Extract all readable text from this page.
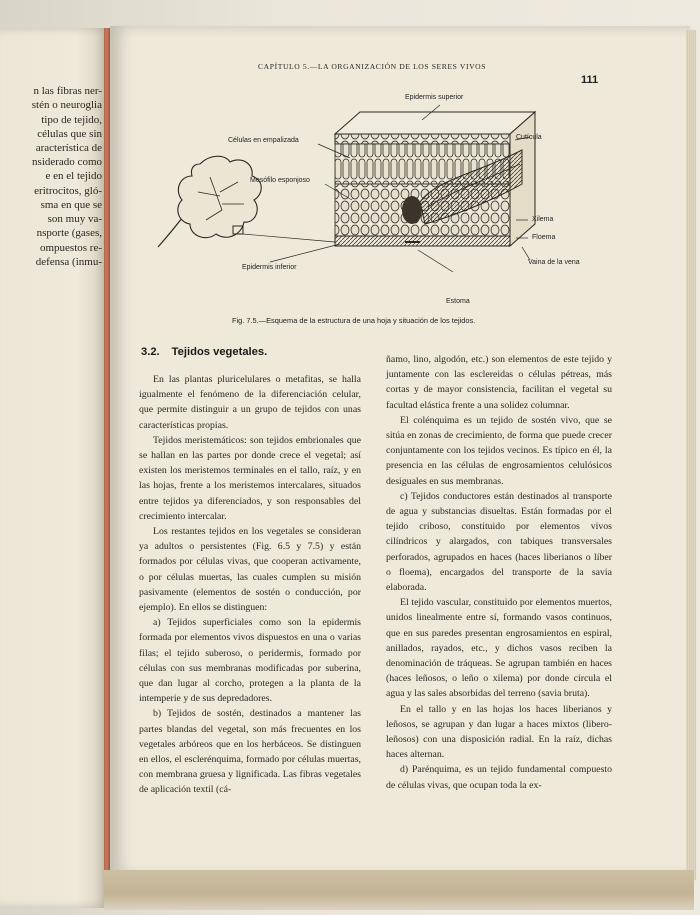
n las fibras ner-
stén o neuroglia
tipo de tejido,
células que sin
aracterística de
nsiderado como
e en el tejido
eritrocitos, gló-
sma en que se
son muy va-
nsporte (gases,
ompuestos re-
defensa (inmu-
CAPÍTULO 5.—LA ORGANIZACIÓN DE LOS SERES VIVOS
111
Epidermis superior
Células en empalizada
Mesófilo esponjoso
Epidermis inferior
Cutícula
Xilema
Floema
Vaina de la vena
Estoma
Fig. 7.5.—Esquema de la estructura de una hoja y situación de los tejidos.
3.2. Tejidos vegetales.

En las plantas pluricelulares o metafitas, se halla igualmente el fenómeno de la diferenciación celular, que permite distinguir a un grupo de tejidos con unas características propias.

Tejidos meristemáticos: son tejidos embrionales que se hallan en las partes por donde crece el vegetal; así existen los meristemos terminales en el tallo, raíz, y en las hojas, frente a los meristemos intercalares, situados entre tejidos ya diferenciados, y son responsables del crecimiento intercalar.

Los restantes tejidos en los vegetales se consideran ya adultos o persistentes (Fig. 6.5 y 7.5) y están formados por células vivas, que cooperan activamente, o por células muertas, las cuales cumplen su misión pasivamente (elementos de sostén o conducción, por ejemplo). En ellos se distinguen:

a) Tejidos superficiales como son la epidermis formada por elementos vivos dispuestos en una o varias filas; el tejido suberoso, o peridermis, formado por células con sus membranas modificadas por suberina, que dan lugar al corcho, protegen a la planta de la intemperie y de sus depredadores.

b) Tejidos de sostén, destinados a mantener las partes blandas del vegetal, son más frecuentes en los vegetales arbóreos que en los herbáceos. Se distinguen en ellos, el esclerénquima, formado por células muertas, con membrana gruesa y lignificada. Las fibras vegetales de aplicación textil (cá-

ñamo, lino, algodón, etc.) son elementos de este tejido y juntamente con las esclereidas o células pétreas, más cortas y de mayor consistencia, facilitan el vegetal su facultad elástica frente a una solidez columnar.

El colénquima es un tejido de sostén vivo, que se sitúa en zonas de crecimiento, de forma que puede crecer conjuntamente con los tejidos vecinos. Es típico en él, la presencia en las células de engrosamientos celulósicos desiguales en sus membranas.

c) Tejidos conductores están destinados al transporte de agua y substancias disueltas. Están formadas por el tejido criboso, constituido por elementos vivos cilíndricos y alargados, con tabiques transversales perforados, agrupados en haces (haces liberianos o líber o floema), encargados del transporte de la savia elaborada.

El tejido vascular, constituido por elementos muertos, unidos linealmente entre sí, formando vasos continuos, que en sus paredes presentan engrosamientos en espiral, anillados, rayados, etc., y dichos vasos reciben la denominación de tráqueas. Se agrupan también en haces (haces leñosos, o leño o xilema) por donde circula el agua y las sales absorbidas del terreno (savia bruta).

En el tallo y en las hojas los haces liberianos y leñosos, se agrupan y dan lugar a haces mixtos (libero-leñosos) con una disposición radial. En la raíz, dichas haces alternan.

d) Parénquima, es un tejido fundamental compuesto de células vivas, que ocupan toda la ex-
